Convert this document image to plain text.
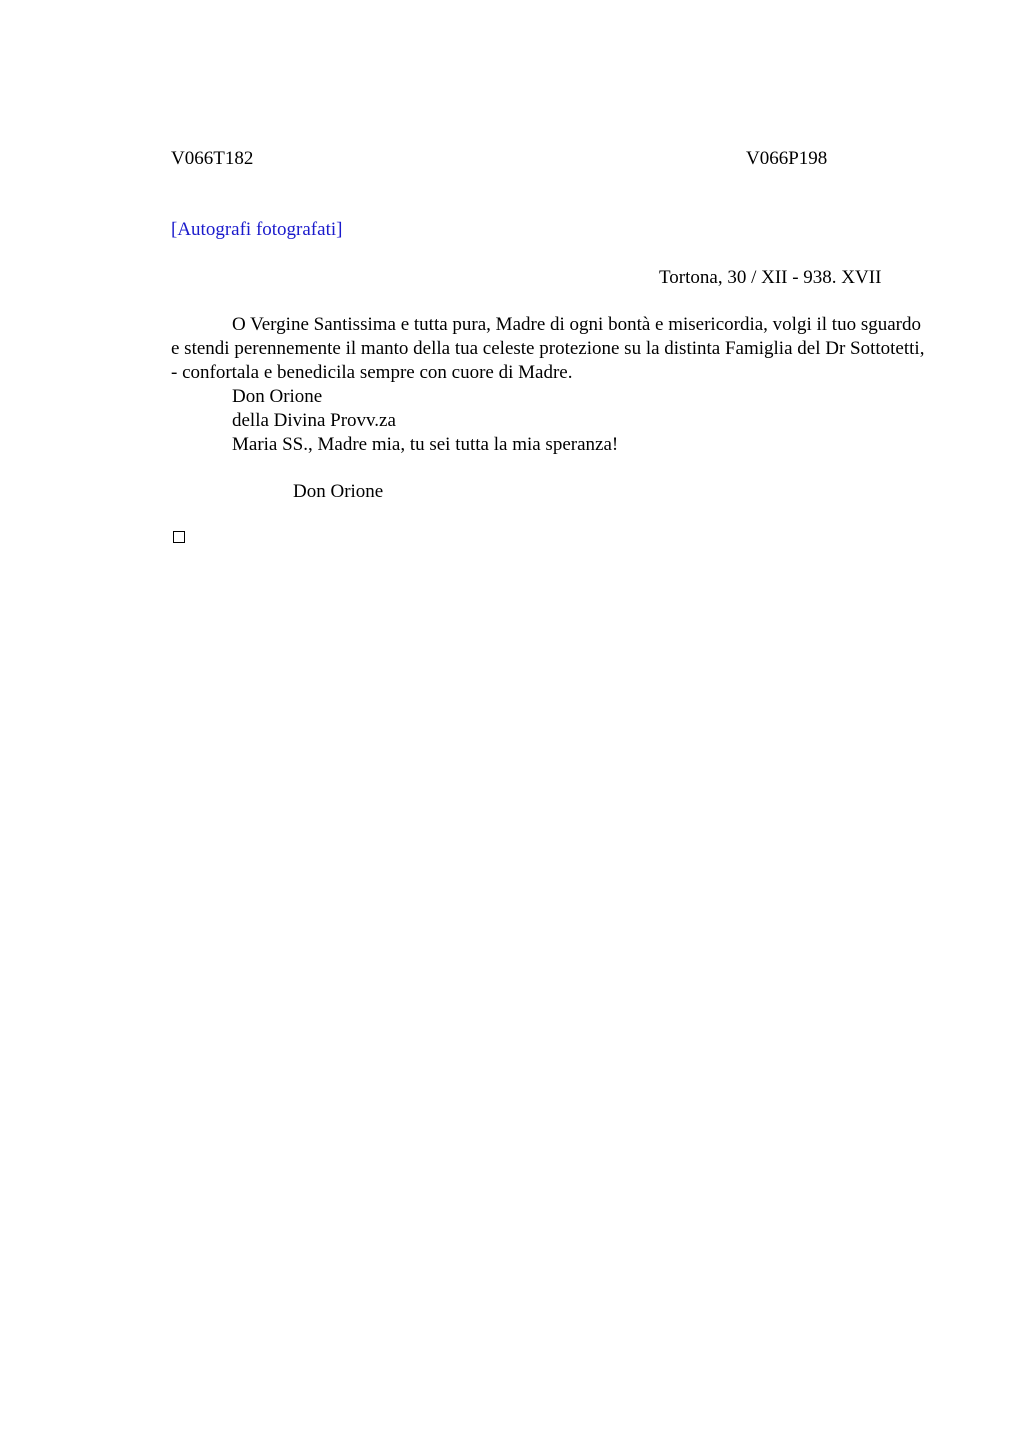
V066T182	V066P198
[Autografi fotografati]
Tortona, 30 / XII - 938. XVII
O Vergine Santissima e tutta pura, Madre di ogni bontà e misericordia, volgi il tuo sguardo e stendi perennemente il manto della tua celeste protezione su la distinta Famiglia del Dr Sottotetti, - confortala e benedicila sempre con cuore di Madre.
Don Orione
della Divina Provv.za
Maria SS., Madre mia, tu sei tutta la mia speranza!
Don Orione
